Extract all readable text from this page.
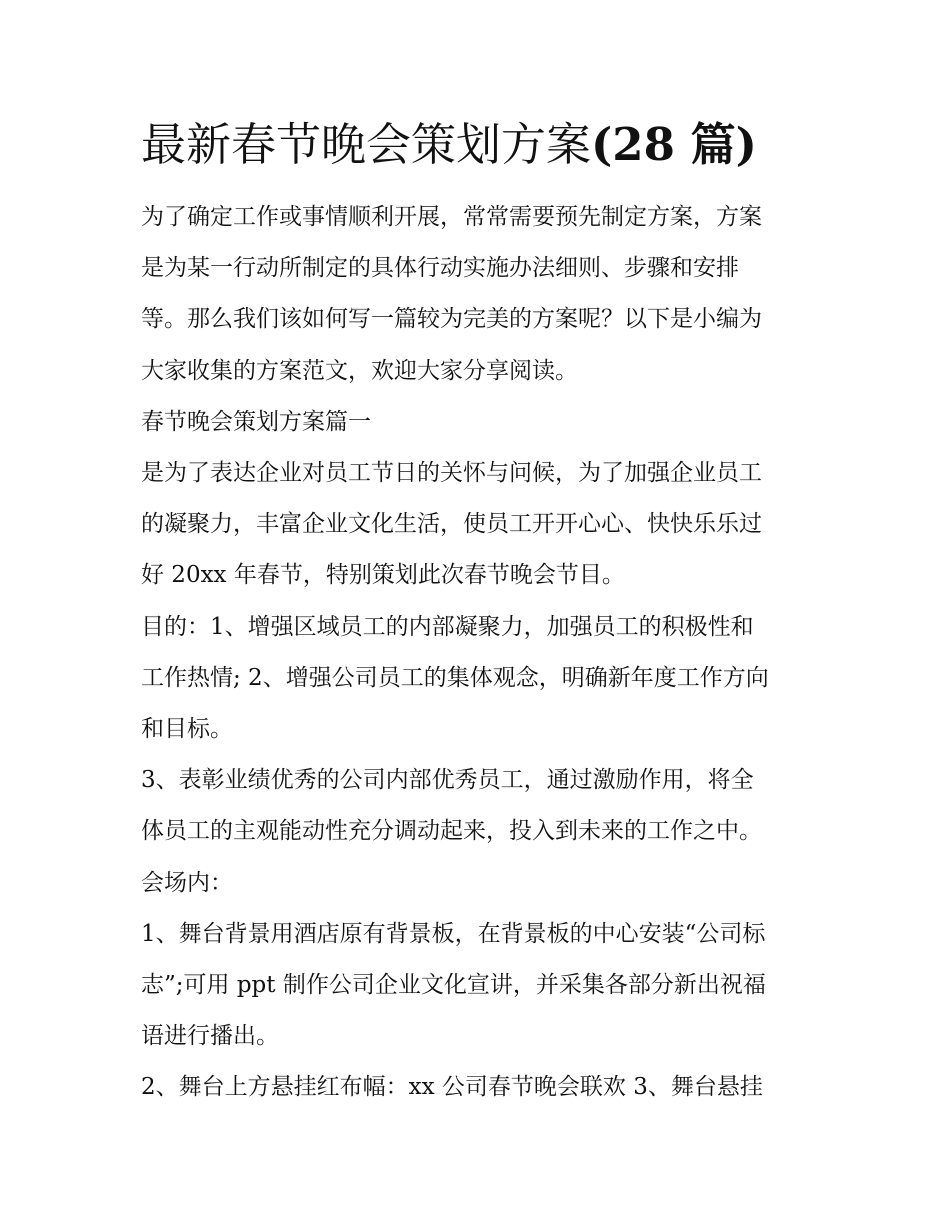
最新春节晚会策划方案(28 篇)

为了确定工作或事情顺利开展，常常需要预先制定方案，方案

是为某一行动所制定的具体行动实施办法细则、步骤和安排

等。那么我们该如何写一篇较为完美的方案呢？以下是小编为

大家收集的方案范文，欢迎大家分享阅读。

春节晚会策划方案篇一

是为了表达企业对员工节日的关怀与问候，为了加强企业员工

的凝聚力，丰富企业文化生活，使员工开开心心、快快乐乐过

好 20xx 年春节，特别策划此次春节晚会节目。

目的：1、增强区域员工的内部凝聚力，加强员工的积极性和

工作热情; 2、增强公司员工的集体观念，明确新年度工作方向

和目标。

3、表彰业绩优秀的公司内部优秀员工，通过激励作用，将全

体员工的主观能动性充分调动起来，投入到未来的工作之中。

会场内：

1、舞台背景用酒店原有背景板，在背景板的中心安装“公司标

志”;可用 ppt 制作公司企业文化宣讲，并采集各部分新出祝福

语进行播出。

2、舞台上方悬挂红布幅：xx 公司春节晚会联欢 3、舞台悬挂
